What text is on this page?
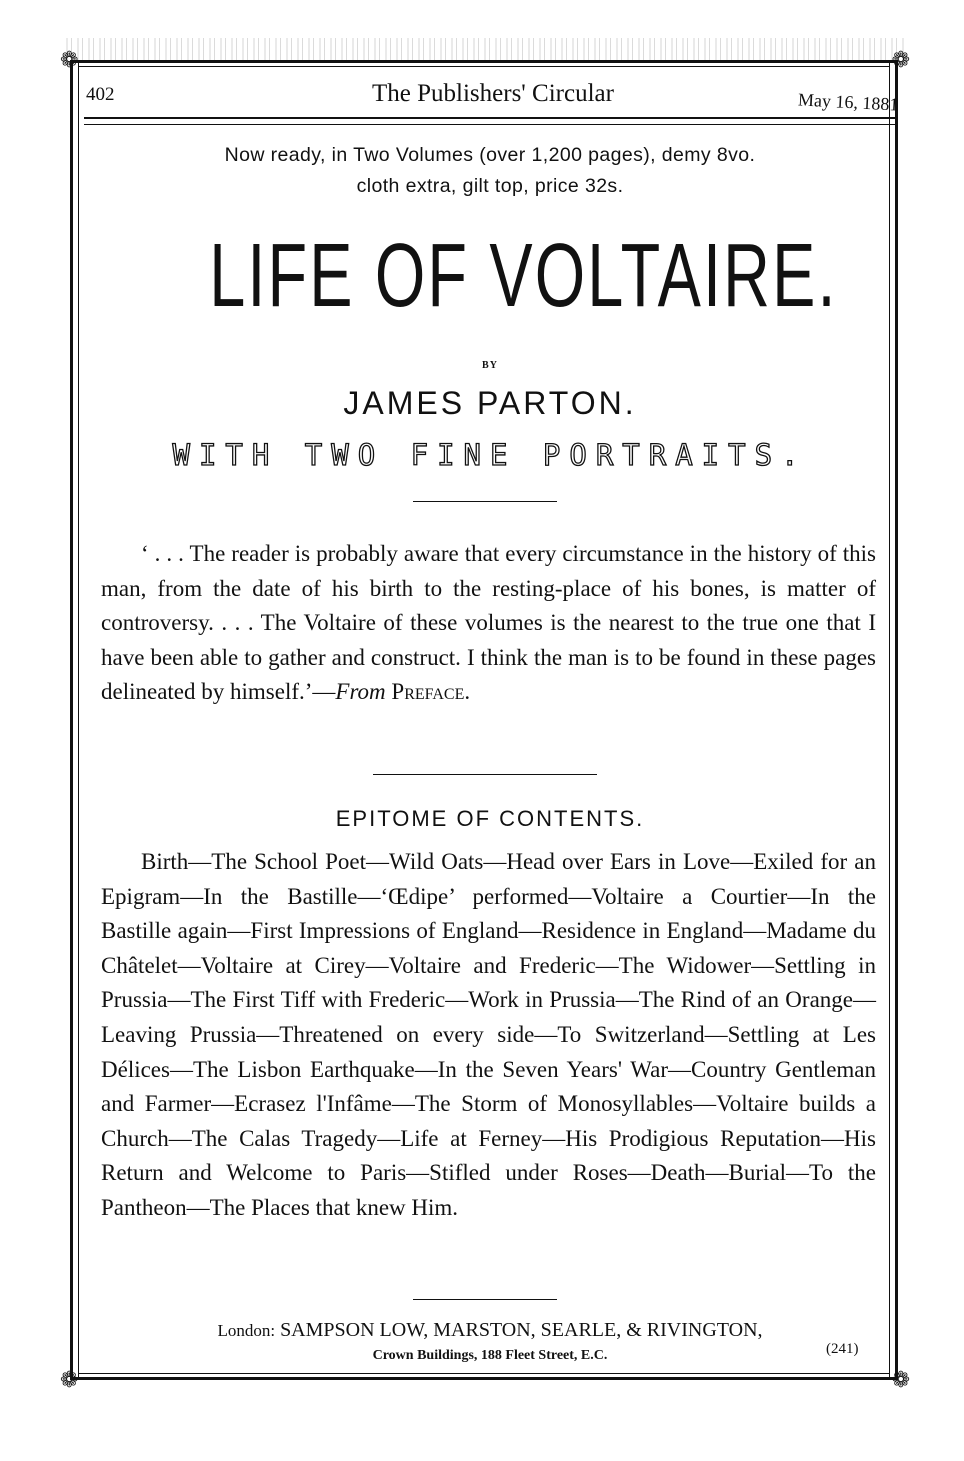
❁	❁
❁	❁
402	The Publishers' Circular	May 16, 1881
Now ready, in Two Volumes (over 1,200 pages), demy 8vo.
cloth extra, gilt top, price 32s.
LIFE OF VOLTAIRE.
BY
JAMES PARTON.
WITH TWO FINE PORTRAITS.

‘ . . . The reader is probably aware that every circumstance in the history of this man, from the date of his birth to the resting-place of his bones, is matter of controversy. . . . The Voltaire of these volumes is the nearest to the true one that I have been able to gather and construct. I think the man is to be found in these pages delineated by himself.’—From Preface.

EPITOME OF CONTENTS.

Birth—The School Poet—Wild Oats—Head over Ears in Love—Exiled for an Epigram—In the Bastille—‘Œdipe’ performed—Voltaire a Courtier—In the Bastille again—First Impressions of England—Residence in England—Madame du Châtelet—Voltaire at Cirey—Voltaire and Frederic—The Widower—Settling in Prussia—The First Tiff with Frederic—Work in Prussia—The Rind of an Orange—Leaving Prussia—Threatened on every side—To Switzerland—Settling at Les Délices—The Lisbon Earthquake—In the Seven Years' War—Country Gentleman and Farmer—Ecrasez l'Infâme—The Storm of Monosyllables—Voltaire builds a Church—The Calas Tragedy—Life at Ferney—His Prodigious Reputation—His Return and Welcome to Paris—Stifled under Roses—Death—Burial—To the Pantheon—The Places that knew Him.

London: SAMPSON LOW, MARSTON, SEARLE, & RIVINGTON,
Crown Buildings, 188 Fleet Street, E.C.	(241)
